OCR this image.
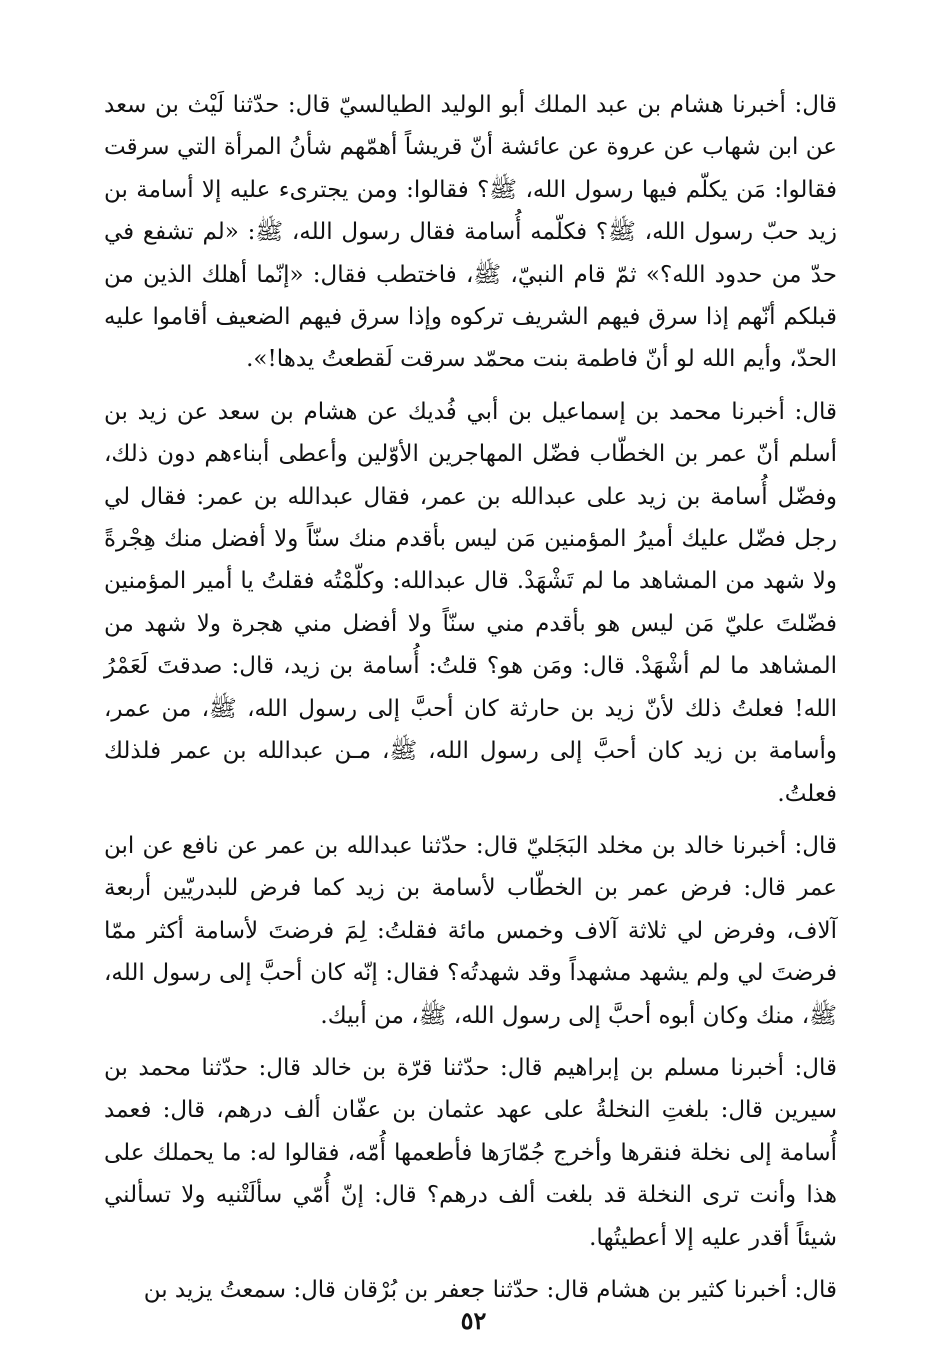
قال: أخبرنا هشام بن عبد الملك أبو الوليد الطيالسيّ قال: حدّثنا لَيْث بن سعد عن ابن شهاب عن عروة عن عائشة أنّ قريشاً أهمّهم شأنُ المرأة التي سرقت فقالوا: مَن يكلّم فيها رسول الله، ﷺ؟ فقالوا: ومن يجترىء عليه إلا أسامة بن زيد حبّ رسول الله، ﷺ؟ فكلّمه أُسامة فقال رسول الله، ﷺ: «لم تشفع في حدّ من حدود الله؟» ثمّ قام النبيّ، ﷺ، فاختطب فقال: «إنّما أهلك الذين من قبلكم أنّهم إذا سرق فيهم الشريف تركوه وإذا سرق فيهم الضعيف أقاموا عليه الحدّ، وأيم الله لو أنّ فاطمة بنت محمّد سرقت لَقطعتُ يدها!».

قال: أخبرنا محمد بن إسماعيل بن أبي فُديك عن هشام بن سعد عن زيد بن أسلم أنّ عمر بن الخطّاب فضّل المهاجرين الأوّلين وأعطى أبناءهم دون ذلك، وفضّل أُسامة بن زيد على عبدالله بن عمر، فقال عبدالله بن عمر: فقال لي رجل فضّل عليك أميرُ المؤمنين مَن ليس بأقدم منك سنّاً ولا أفضل منك هِجْرةً ولا شهد من المشاهد ما لم تَشْهَدْ. قال عبدالله: وكلّمْتُه فقلتُ يا أمير المؤمنين فضّلتَ عليّ مَن ليس هو بأقدم مني سنّاً ولا أفضل مني هجرة ولا شهد من المشاهد ما لم أشْهَدْ. قال: ومَن هو؟ قلتُ: أُسامة بن زيد، قال: صدقتَ لَعَمْرُ الله! فعلتُ ذلك لأنّ زيد بن حارثة كان أحبَّ إلى رسول الله، ﷺ، من عمر، وأسامة بن زيد كان أحبَّ إلى رسول الله، ﷺ، مـن عبدالله بن عمر فلذلك فعلتُ.

قال: أخبرنا خالد بن مخلد البَجَليّ قال: حدّثنا عبدالله بن عمر عن نافع عن ابن عمر قال: فرض عمر بن الخطّاب لأسامة بن زيد كما فرض للبدريّين أربعة آلاف، وفرض لي ثلاثة آلاف وخمس مائة فقلتُ: لِمَ فرضتَ لأسامة أكثر ممّا فرضتَ لي ولم يشهد مشهداً وقد شهدتُه؟ فقال: إنّه كان أحبَّ إلى رسول الله، ﷺ، منك وكان أبوه أحبَّ إلى رسول الله، ﷺ، من أبيك.

قال: أخبرنا مسلم بن إبراهيم قال: حدّثنا قرّة بن خالد قال: حدّثنا محمد بن سيرين قال: بلغتِ النخلةُ على عهد عثمان بن عفّان ألف درهم، قال: فعمد أُسامة إلى نخلة فنقرها وأخرج جُمّارَها فأطعمها أُمّه، فقالوا له: ما يحملك على هذا وأنت ترى النخلة قد بلغت ألف درهم؟ قال: إنّ أُمّي سألَتْنيه ولا تسألني شيئاً أقدر عليه إلا أعطيتُها.

قال: أخبرنا كثير بن هشام قال: حدّثنا جعفر بن بُرْقان قال: سمعتُ يزيد بن

٥٢
